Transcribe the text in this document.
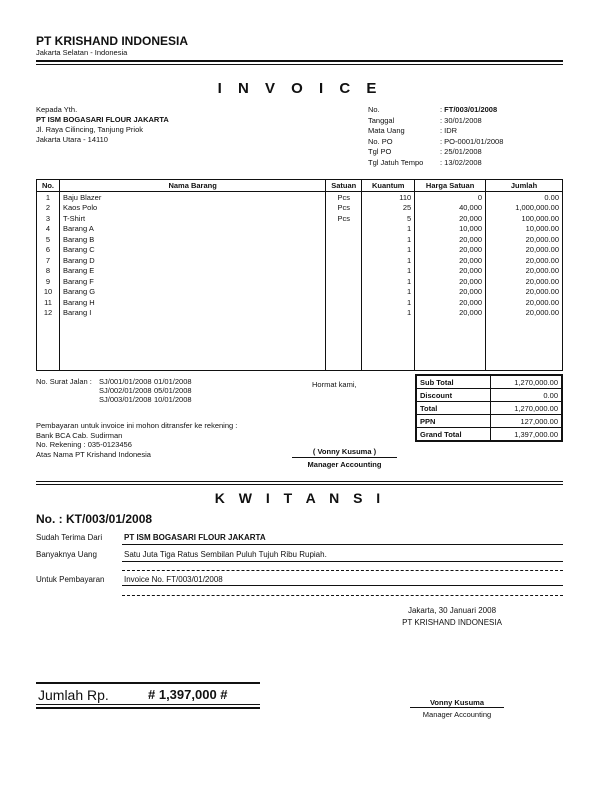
PT KRISHAND INDONESIA
Jakarta Selatan - Indonesia
I N V O I C E
Kepada Yth.
PT ISM BOGASARI FLOUR JAKARTA
Jl. Raya Cilincing, Tanjung Priok
Jakarta Utara - 14110
No.	: FT/003/01/2008
Tanggal	: 30/01/2008
Mata Uang	: IDR
No. PO	: PO-0001/01/2008
Tgl PO	: 25/01/2008
Tgl Jatuh Tempo	: 13/02/2008
No.	Nama Barang	Satuan	Kuantum	Harga Satuan	Jumlah
1	Baju Blazer	Pcs	110	0	0.00
2	Kaos Polo	Pcs	25	40,000	1,000,000.00
3	T-Shirt	Pcs	5	20,000	100,000.00
4	Barang A		1	10,000	10,000.00
5	Barang B		1	20,000	20,000.00
6	Barang C		1	20,000	20,000.00
7	Barang D		1	20,000	20,000.00
8	Barang E		1	20,000	20,000.00
9	Barang F		1	20,000	20,000.00
10	Barang G		1	20,000	20,000.00
11	Barang H		1	20,000	20,000.00
12	Barang I		1	20,000	20,000.00

No. Surat Jalan : SJ/001/01/2008 01/01/2008
SJ/002/01/2008 05/01/2008
SJ/003/01/2008 10/01/2008
Hormat kami,	Sub Total	1,270,000.00
Discount	0.00
Total	1,270,000.00
PPN	127,000.00
Grand Total	1,397,000.00
Pembayaran untuk invoice ini mohon ditransfer ke rekening :
Bank BCA Cab. Sudirman
No. Rekening : 035-0123456
Atas Nama PT Krishand Indonesia	( Vonny Kusuma )
Manager Accounting
K W I T A N S I
No. : KT/003/01/2008
Sudah Terima Dari	PT ISM BOGASARI FLOUR JAKARTA
Banyaknya Uang	Satu Juta Tiga Ratus Sembilan Puluh Tujuh Ribu Rupiah.
Untuk Pembayaran	Invoice No. FT/003/01/2008
Jakarta, 30 Januari 2008
PT KRISHAND INDONESIA
Jumlah Rp.	# 1,397,000 #
Vonny Kusuma
Manager Accounting
